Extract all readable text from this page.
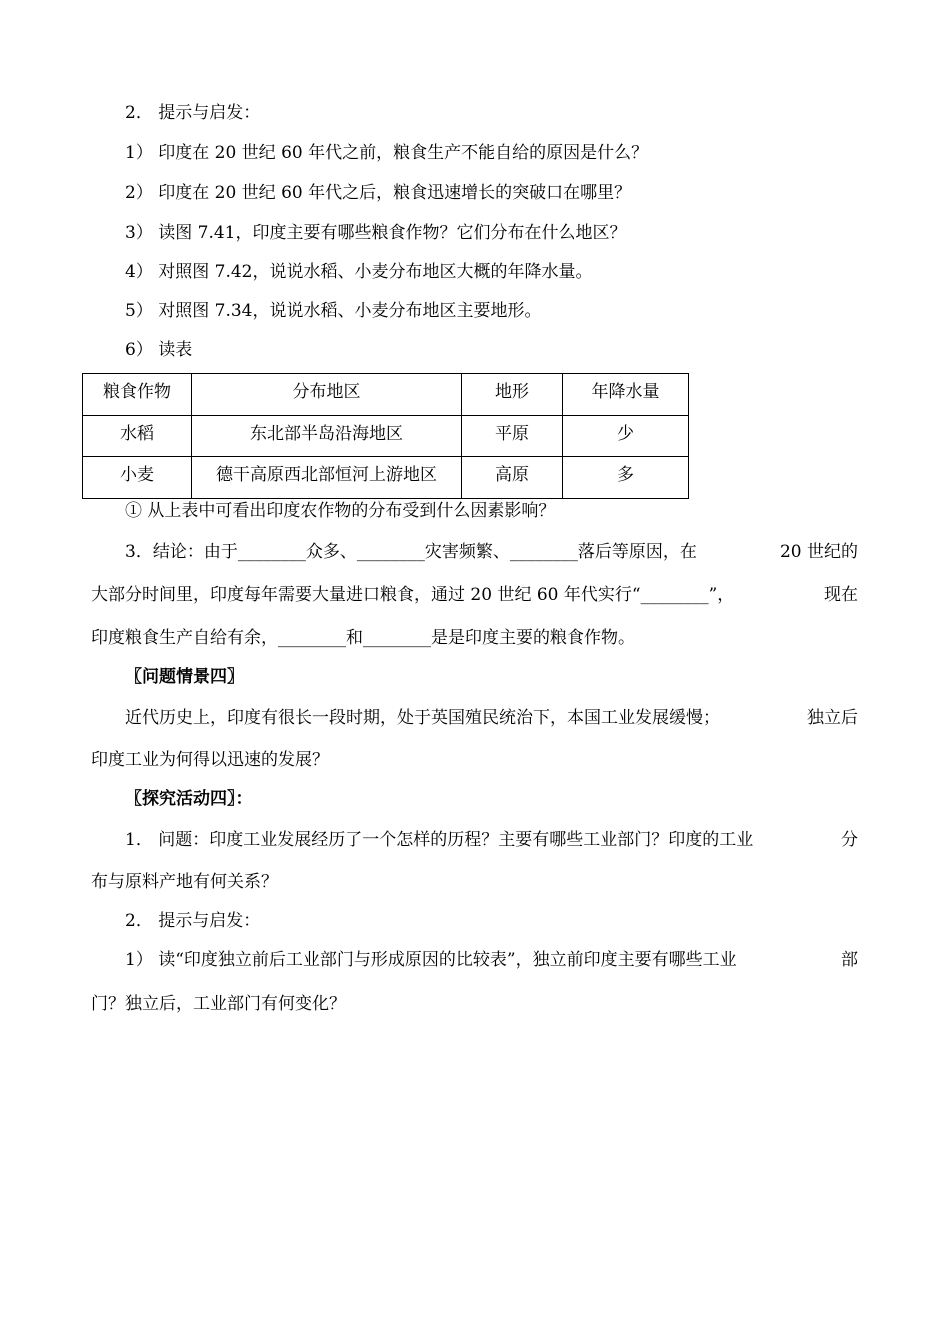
2． 提示与启发：
1） 印度在 20 世纪 60 年代之前，粮食生产不能自给的原因是什么？
2） 印度在 20 世纪 60 年代之后，粮食迅速增长的突破口在哪里？
3） 读图 7.41，印度主要有哪些粮食作物？它们分布在什么地区？
4） 对照图 7.42，说说水稻、小麦分布地区大概的年降水量。
5） 对照图 7.34，说说水稻、小麦分布地区主要地形。
6） 读表
粮食作物	分布地区	地形	年降水量
水稻	东北部半岛沿海地区	平原	少
小麦	德干高原西北部恒河上游地区	高原	多
① 从上表中可看出印度农作物的分布受到什么因素影响？
3．结论：由于________众多、________灾害频繁、________落后等原因，在	20 世纪的
大部分时间里，印度每年需要大量进口粮食，通过 20 世纪 60 年代实行“________”，	现在
印度粮食生产自给有余，________和________是是印度主要的粮食作物。
〖问题情景四〗
近代历史上，印度有很长一段时期，处于英国殖民统治下，本国工业发展缓慢；	独立后
印度工业为何得以迅速的发展？
〖探究活动四〗：
1． 问题：印度工业发展经历了一个怎样的历程？主要有哪些工业部门？印度的工业	分
布与原料产地有何关系？
2． 提示与启发：
1） 读“印度独立前后工业部门与形成原因的比较表”，独立前印度主要有哪些工业	部
门？独立后，工业部门有何变化？
